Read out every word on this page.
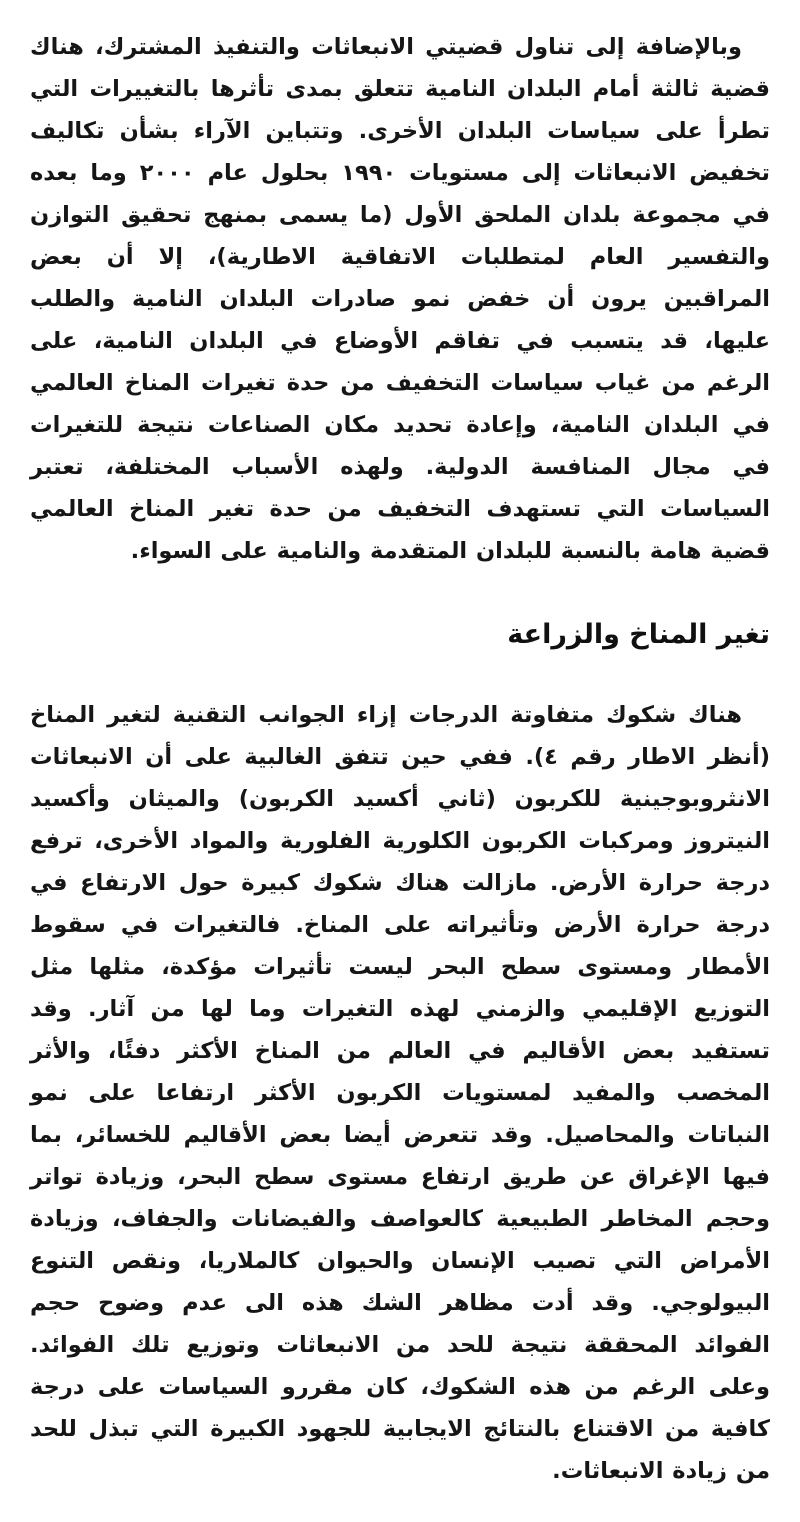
وبالإضافة إلى تناول قضيتي الانبعاثات والتنفيذ المشترك، هناك قضية ثالثة أمام البلدان النامية تتعلق بمدى تأثرها بالتغييرات التي تطرأ على سياسات البلدان الأخرى. وتتباين الآراء بشأن تكاليف تخفيض الانبعاثات إلى مستويات ١٩٩٠ بحلول عام ٢٠٠٠ وما بعده في مجموعة بلدان الملحق الأول (ما يسمى بمنهج تحقيق التوازن والتفسير العام لمتطلبات الاتفاقية الاطارية)، إلا أن بعض المراقبين يرون أن خفض نمو صادرات البلدان النامية والطلب عليها، قد يتسبب في تفاقم الأوضاع في البلدان النامية، على الرغم من غياب سياسات التخفيف من حدة تغيرات المناخ العالمي في البلدان النامية، وإعادة تحديد مكان الصناعات نتيجة للتغيرات في مجال المنافسة الدولية. ولهذه الأسباب المختلفة، تعتبر السياسات التي تستهدف التخفيف من حدة تغير المناخ العالمي قضية هامة بالنسبة للبلدان المتقدمة والنامية على السواء.

تغير المناخ والزراعة

هناك شكوك متفاوتة الدرجات إزاء الجوانب التقنية لتغير المناخ (أنظر الاطار رقم ٤). ففي حين تتفق الغالبية على أن الانبعاثات الانثروبوجينية للكربون (ثاني أكسيد الكربون) والميثان وأكسيد النيتروز ومركبات الكربون الكلورية الفلورية والمواد الأخرى، ترفع درجة حرارة الأرض. مازالت هناك شكوك كبيرة حول الارتفاع في درجة حرارة الأرض وتأثيراته على المناخ. فالتغيرات في سقوط الأمطار ومستوى سطح البحر ليست تأثيرات مؤكدة، مثلها مثل التوزيع الإقليمي والزمني لهذه التغيرات وما لها من آثار. وقد تستفيد بعض الأقاليم في العالم من المناخ الأكثر دفئًا، والأثر المخصب والمفيد لمستويات الكربون الأكثر ارتفاعا على نمو النباتات والمحاصيل. وقد تتعرض أيضا بعض الأقاليم للخسائر، بما فيها الإغراق عن طريق ارتفاع مستوى سطح البحر، وزيادة تواتر وحجم المخاطر الطبيعية كالعواصف والفيضانات والجفاف، وزيادة الأمراض التي تصيب الإنسان والحيوان كالملاريا، ونقص التنوع البيولوجي. وقد أدت مظاهر الشك هذه الى عدم وضوح حجم الفوائد المحققة نتيجة للحد من الانبعاثات وتوزيع تلك الفوائد. وعلى الرغم من هذه الشكوك، كان مقررو السياسات على درجة كافية من الاقتناع بالنتائج الايجابية للجهود الكبيرة التي تبذل للحد من زيادة الانبعاثات.
